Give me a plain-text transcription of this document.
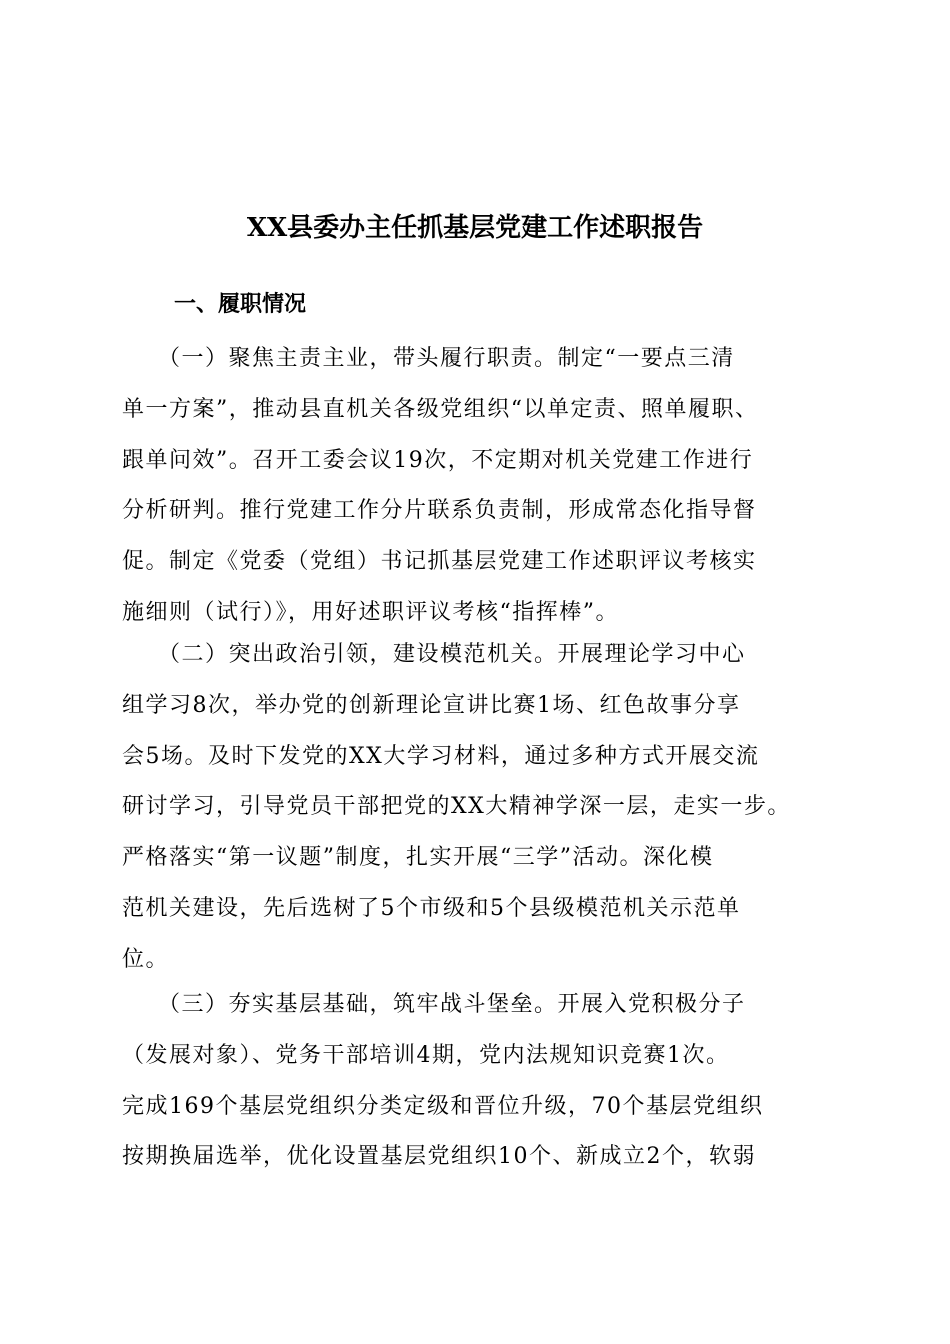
XX县委办主任抓基层党建工作述职报告
一、履职情况
　　（一）聚焦主责主业，带头履行职责。制定“一要点三清
单一方案”，推动县直机关各级党组织“以单定责、照单履职、
跟单问效”。召开工委会议19次，不定期对机关党建工作进行
分析研判。推行党建工作分片联系负责制，形成常态化指导督
促。制定《党委（党组）书记抓基层党建工作述职评议考核实
施细则（试行）》，用好述职评议考核“指挥棒”。
　　（二）突出政治引领，建设模范机关。开展理论学习中心
组学习8次，举办党的创新理论宣讲比赛1场、红色故事分享
会5场。及时下发党的XX大学习材料，通过多种方式开展交流
研讨学习，引导党员干部把党的XX大精神学深一层，走实一步。
严格落实“第一议题”制度，扎实开展“三学”活动。深化模
范机关建设，先后选树了5个市级和5个县级模范机关示范单
位。
　　（三）夯实基层基础，筑牢战斗堡垒。开展入党积极分子
（发展对象）、党务干部培训4期，党内法规知识竞赛1次。
完成169个基层党组织分类定级和晋位升级，70个基层党组织
按期换届选举，优化设置基层党组织10个、新成立2个，软弱
